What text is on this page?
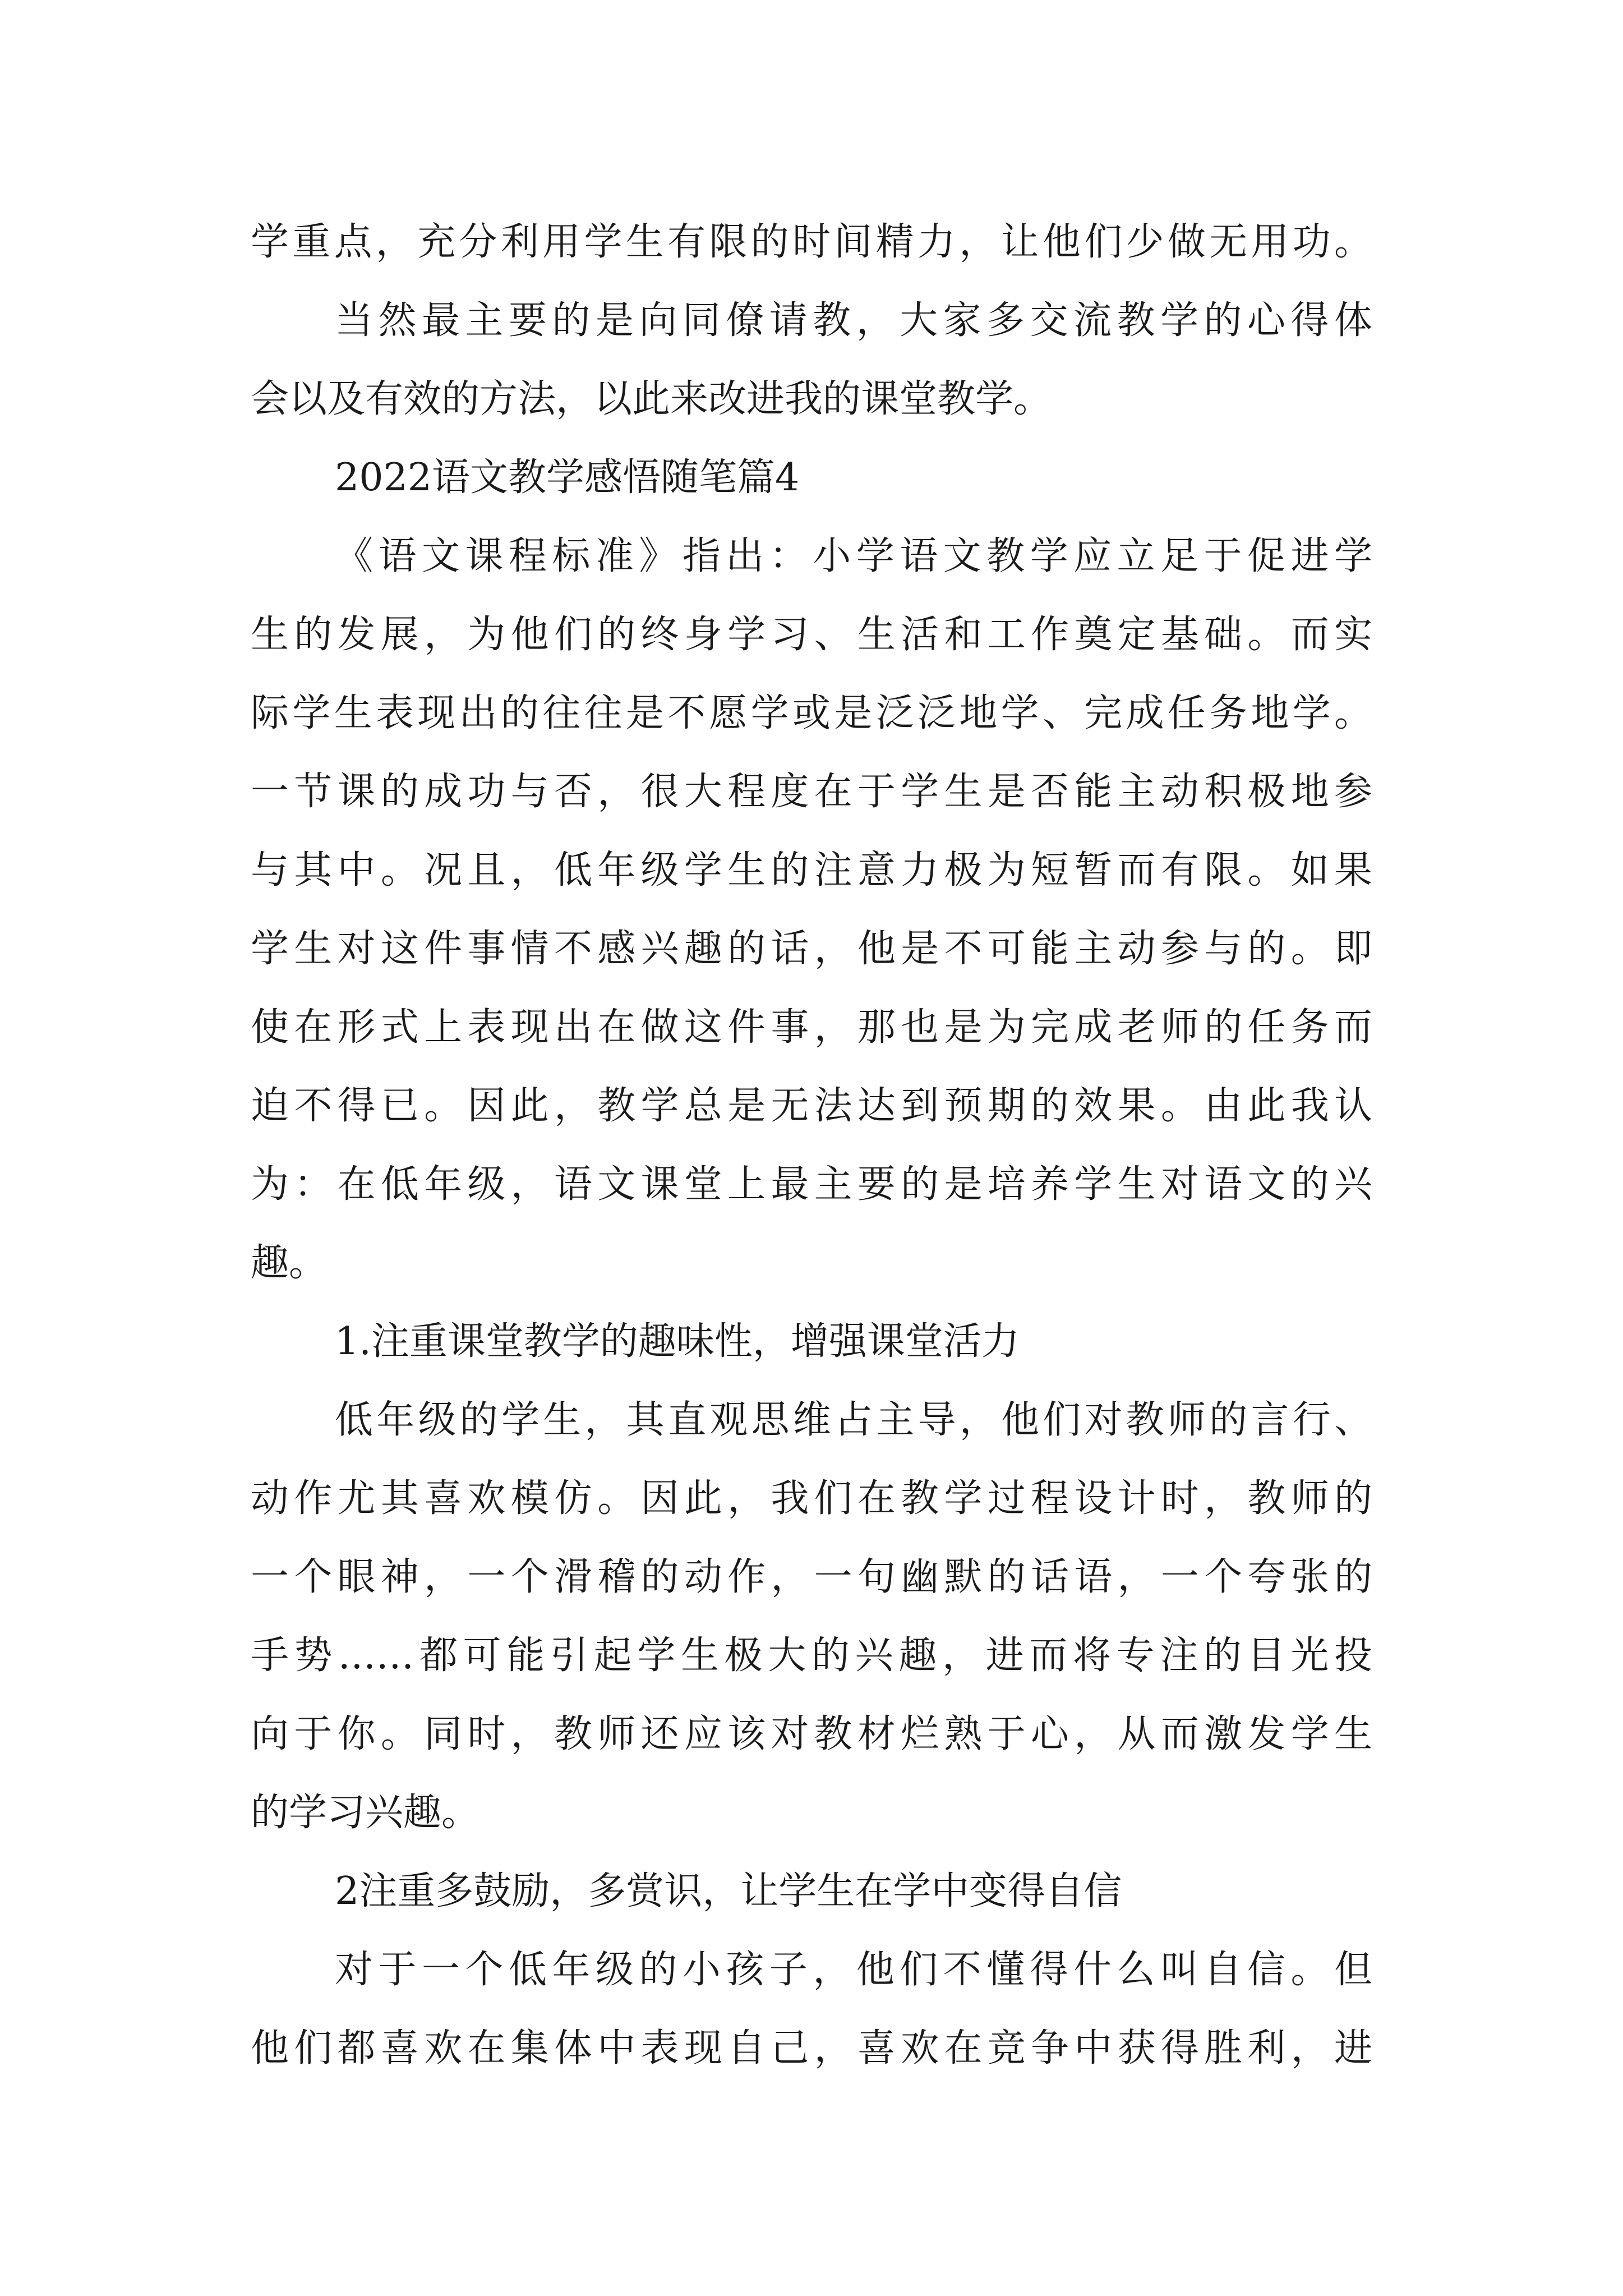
学重点，充分利用学生有限的时间精力，让他们少做无用功。
当然最主要的是向同僚请教，大家多交流教学的心得体
会以及有效的方法，以此来改进我的课堂教学。
2022语文教学感悟随笔篇4
《语文课程标准》指出：小学语文教学应立足于促进学
生的发展，为他们的终身学习、生活和工作奠定基础。而实
际学生表现出的往往是不愿学或是泛泛地学、完成任务地学。
一节课的成功与否，很大程度在于学生是否能主动积极地参
与其中。况且，低年级学生的注意力极为短暂而有限。如果
学生对这件事情不感兴趣的话，他是不可能主动参与的。即
使在形式上表现出在做这件事，那也是为完成老师的任务而
迫不得已。因此，教学总是无法达到预期的效果。由此我认
为：在低年级，语文课堂上最主要的是培养学生对语文的兴
趣。
1.注重课堂教学的趣味性，增强课堂活力
低年级的学生，其直观思维占主导，他们对教师的言行、
动作尤其喜欢模仿。因此，我们在教学过程设计时，教师的
一个眼神，一个滑稽的动作，一句幽默的话语，一个夸张的
手势……都可能引起学生极大的兴趣，进而将专注的目光投
向于你。同时，教师还应该对教材烂熟于心，从而激发学生
的学习兴趣。
2注重多鼓励，多赏识，让学生在学中变得自信
对于一个低年级的小孩子，他们不懂得什么叫自信。但
他们都喜欢在集体中表现自己，喜欢在竞争中获得胜利，进
